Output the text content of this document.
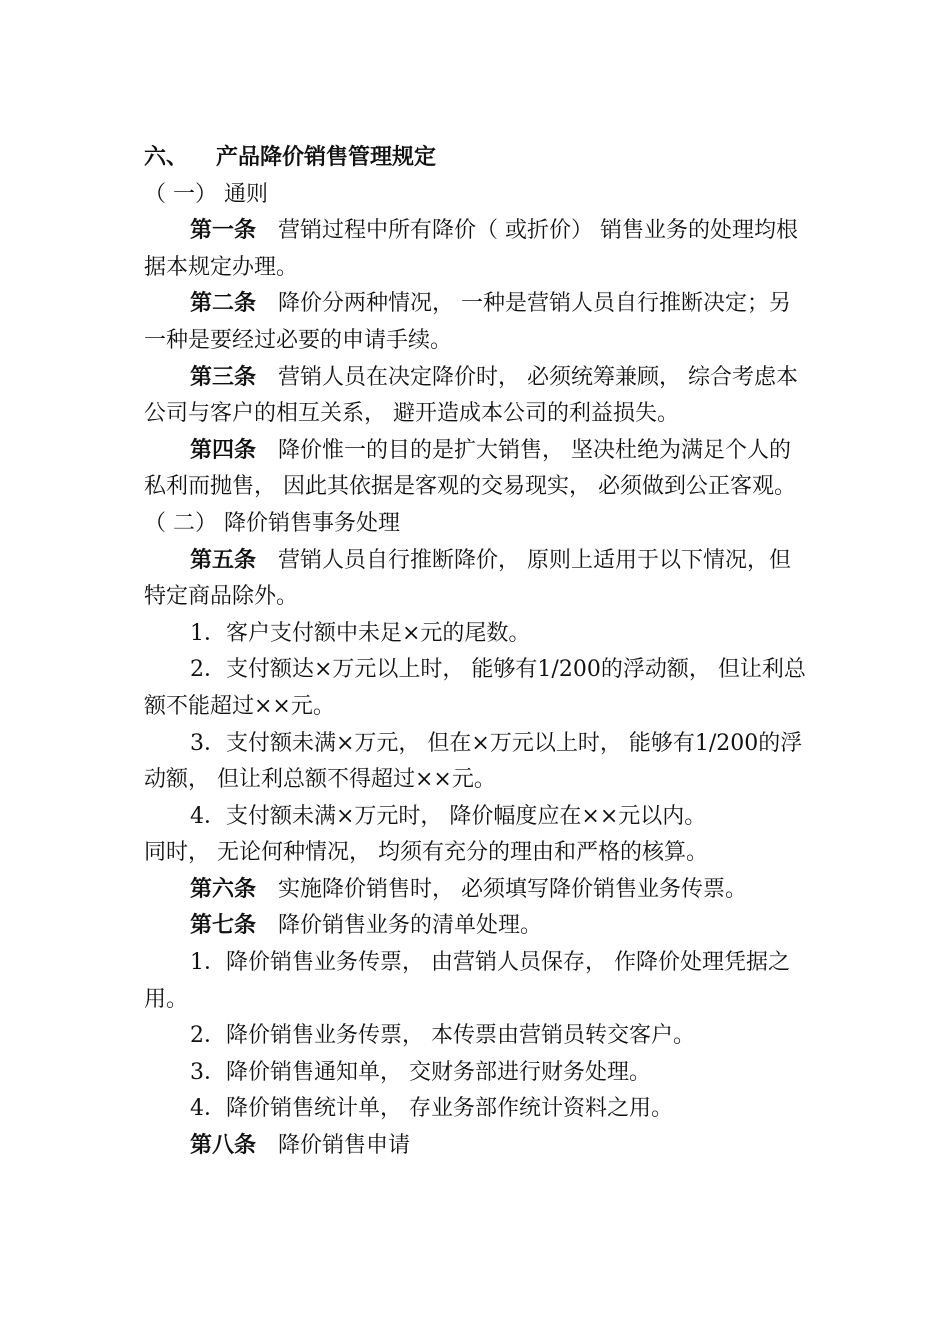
六、 产品降价销售管理规定

（ 一） 通则

第一条 营销过程中所有降价（ 或折价） 销售业务的处理均根据本规定办理。

第二条 降价分两种情况， 一种是营销人员自行推断决定；另一种是要经过必要的申请手续。

第三条 营销人员在决定降价时， 必须统筹兼顾， 综合考虑本公司与客户的相互关系， 避开造成本公司的利益损失。

第四条 降价惟一的目的是扩大销售， 坚决杜绝为满足个人的私利而抛售， 因此其依据是客观的交易现实， 必须做到公正客观。

（ 二） 降价销售事务处理

第五条 营销人员自行推断降价， 原则上适用于以下情况，但特定商品除外。

1．客户支付额中未足×元的尾数。

2．支付额达×万元以上时， 能够有1/200的浮动额， 但让利总额不能超过××元。

3．支付额未满×万元， 但在×万元以上时， 能够有1/200的浮动额， 但让利总额不得超过××元。

4．支付额未满×万元时， 降价幅度应在××元以内。

同时， 无论何种情况， 均须有充分的理由和严格的核算。

第六条 实施降价销售时， 必须填写降价销售业务传票。

第七条 降价销售业务的清单处理。

1．降价销售业务传票， 由营销人员保存， 作降价处理凭据之用。

2．降价销售业务传票， 本传票由营销员转交客户。

3．降价销售通知单， 交财务部进行财务处理。

4．降价销售统计单， 存业务部作统计资料之用。

第八条 降价销售申请
